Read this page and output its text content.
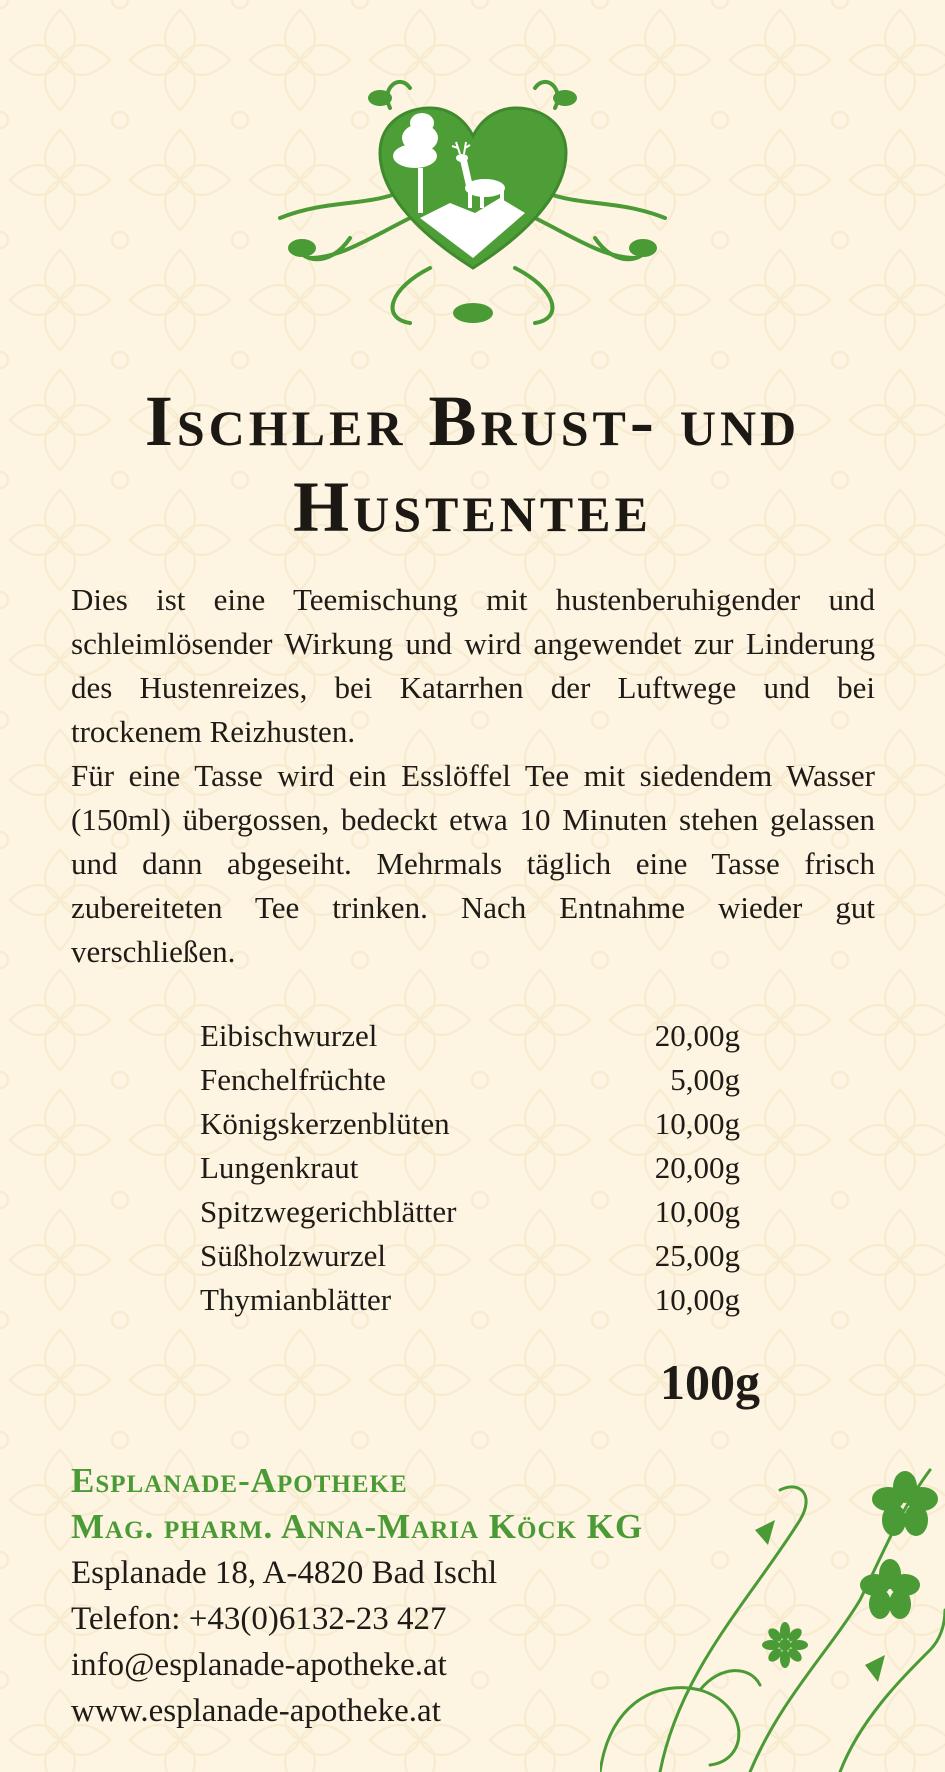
Ischler Brust- und
Hustentee

Dies ist eine Teemischung mit hustenberuhigender und schleimlösender Wirkung und wird angewendet zur Linderung des Hustenreizes, bei Katarrhen der Luftwege und bei trockenem Reizhusten.

Für eine Tasse wird ein Esslöffel Tee mit siedendem Wasser (150ml) übergossen, bedeckt etwa 10 Minuten stehen gelassen und dann abgeseiht. Mehrmals täglich eine Tasse frisch zubereiteten Tee trinken. Nach Entnahme wieder gut verschließen.

Eibischwurzel	20,00g
Fenchelfrüchte	5,00g
Königskerzenblüten	10,00g
Lungenkraut	20,00g
Spitzwegerichblätter	10,00g
Süßholzwurzel	25,00g
Thymianblätter	10,00g
100g
Esplanade-Apotheke
Mag. pharm. Anna-Maria Köck KG
Esplanade 18, A-4820 Bad Ischl
Telefon: +43(0)6132-23 427
info@esplanade-apotheke.at
www.esplanade-apotheke.at
